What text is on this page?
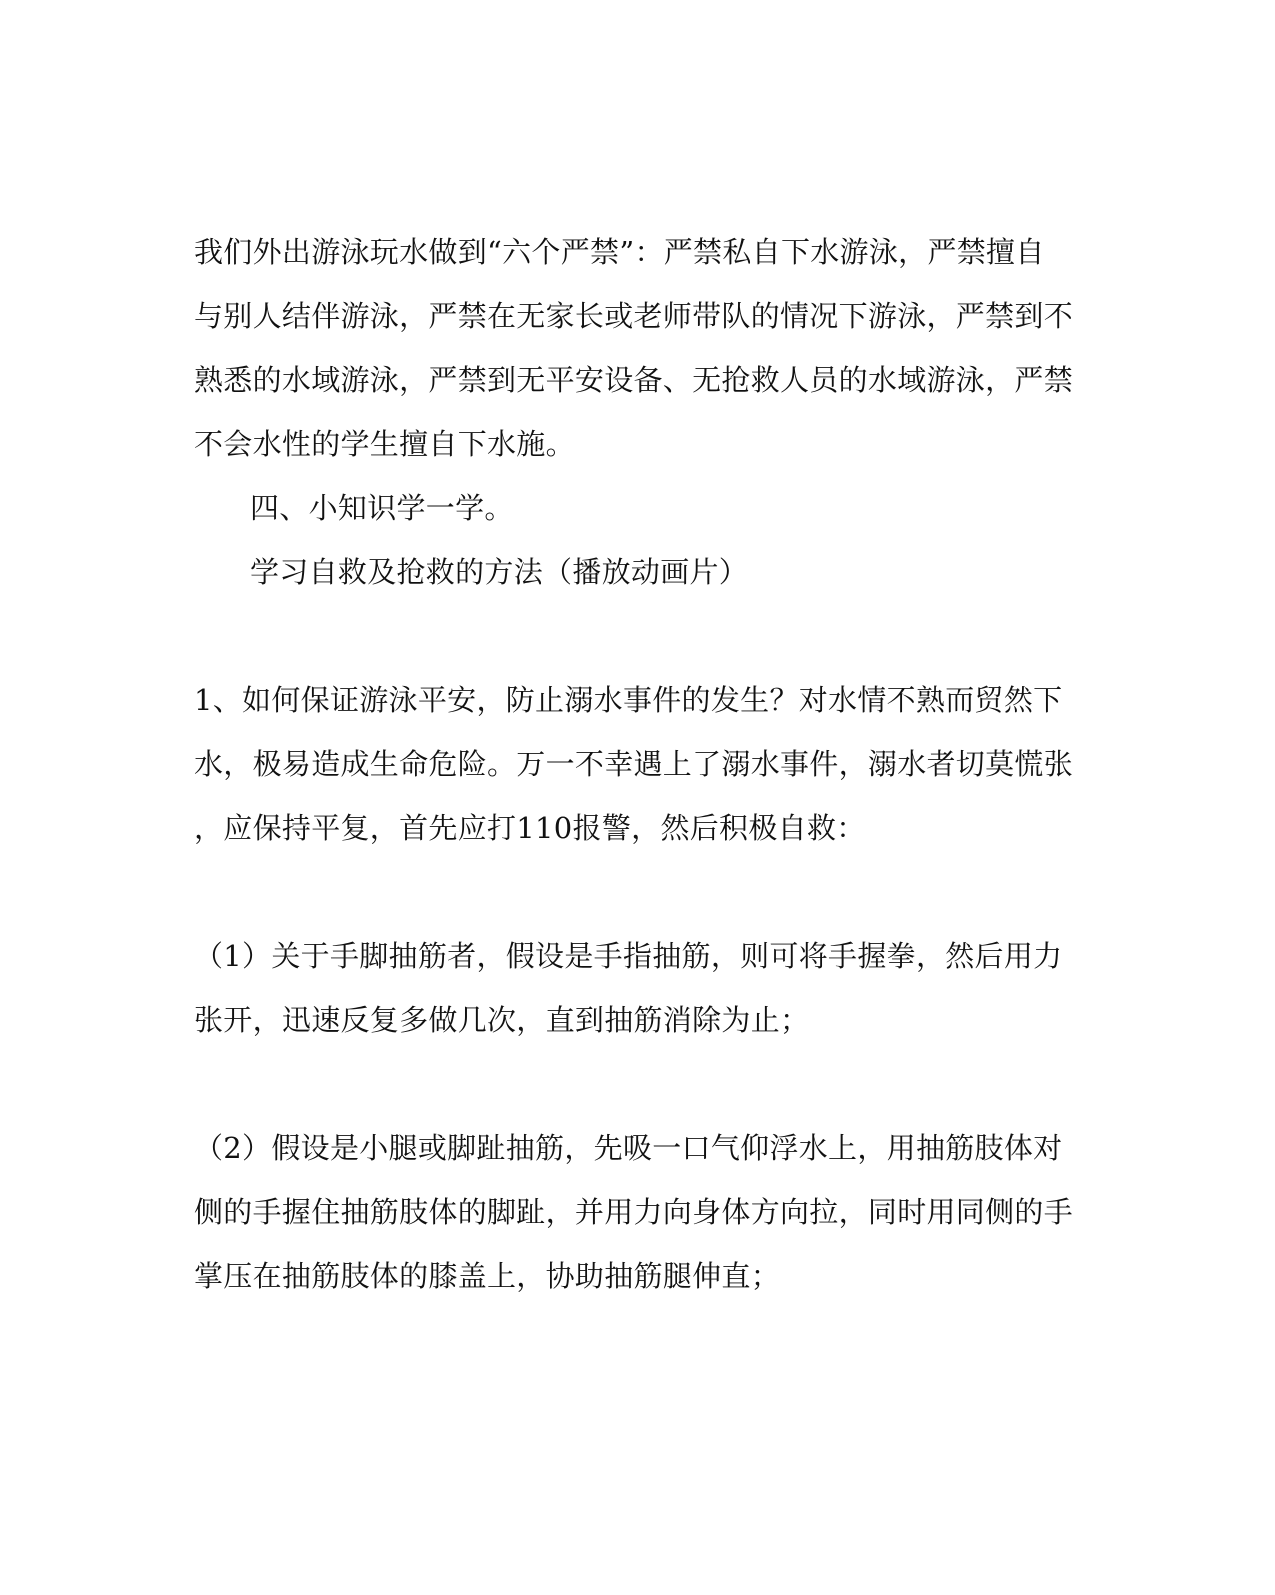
我们外出游泳玩水做到“六个严禁”：严禁私自下水游泳，严禁擅自
与别人结伴游泳，严禁在无家长或老师带队的情况下游泳，严禁到不
熟悉的水域游泳，严禁到无平安设备、无抢救人员的水域游泳，严禁
不会水性的学生擅自下水施。
四、小知识学一学。
学习自救及抢救的方法（播放动画片）
1、如何保证游泳平安，防止溺水事件的发生？对水情不熟而贸然下
水，极易造成生命危险。万一不幸遇上了溺水事件，溺水者切莫慌张
，应保持平复，首先应打110报警，然后积极自救：
（1）关于手脚抽筋者，假设是手指抽筋，则可将手握拳，然后用力
张开，迅速反复多做几次，直到抽筋消除为止；
（2）假设是小腿或脚趾抽筋，先吸一口气仰浮水上，用抽筋肢体对
侧的手握住抽筋肢体的脚趾，并用力向身体方向拉，同时用同侧的手
掌压在抽筋肢体的膝盖上，协助抽筋腿伸直；
